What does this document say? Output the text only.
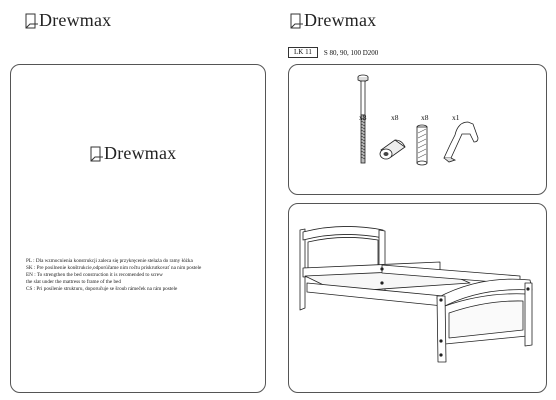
Drewmax	Drewmax
LK 11	S 80, 90, 100 D200
Drewmax
PL : Dla wzmocnienia konstrukcji zaleca się przykręcenie stelaża do ramy łóżka
SK : Pre posilnenie konštrukcie,odporúčame nim ročtu priskrutkovať na nim postele
EN : To strengthen the bed construction it is recomended to screw
the slat under the mattress to frame of the bed
CS : Pri posílenie strukturu, doporučuje se šroub rámeček na rám postele
x8	x8	x8	x1
